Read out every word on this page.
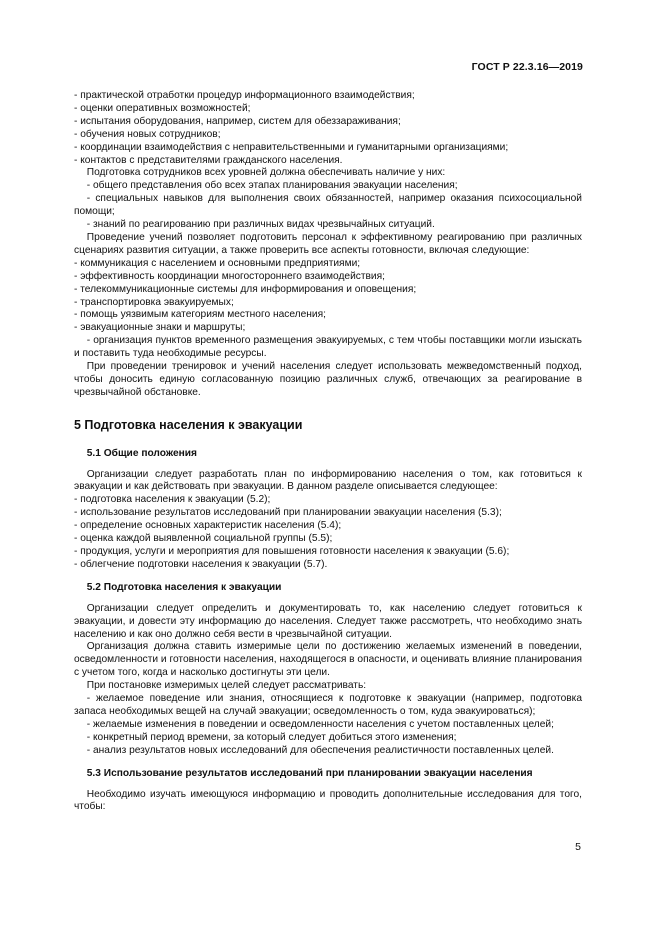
ГОСТ Р 22.3.16—2019

- практической отработки процедур информационного взаимодействия;

- оценки оперативных возможностей;

- испытания оборудования, например, систем для обеззараживания;

- обучения новых сотрудников;

- координации взаимодействия с неправительственными и гуманитарными организациями;

- контактов с представителями гражданского населения.

Подготовка сотрудников всех уровней должна обеспечивать наличие у них:

- общего представления обо всех этапах планирования эвакуации населения;

- специальных навыков для выполнения своих обязанностей, например оказания психосоциальной помощи;

- знаний по реагированию при различных видах чрезвычайных ситуаций.

Проведение учений позволяет подготовить персонал к эффективному реагированию при различных сценариях развития ситуации, а также проверить все аспекты готовности, включая следующие:

- коммуникация с населением и основными предприятиями;

- эффективность координации многостороннего взаимодействия;

- телекоммуникационные системы для информирования и оповещения;

- транспортировка эвакуируемых;

- помощь уязвимым категориям местного населения;

- эвакуационные знаки и маршруты;

- организация пунктов временного размещения эвакуируемых, с тем чтобы поставщики могли изыскать и поставить туда необходимые ресурсы.

При проведении тренировок и учений населения следует использовать межведомственный подход, чтобы доносить единую согласованную позицию различных служб, отвечающих за реагирование в чрезвычайной обстановке.

5 Подготовка населения к эвакуации

5.1 Общие положения

Организации следует разработать план по информированию населения о том, как готовиться к эвакуации и как действовать при эвакуации. В данном разделе описывается следующее:

- подготовка населения к эвакуации (5.2);

- использование результатов исследований при планировании эвакуации населения (5.3);

- определение основных характеристик населения (5.4);

- оценка каждой выявленной социальной группы (5.5);

- продукция, услуги и мероприятия для повышения готовности населения к эвакуации (5.6);

- облегчение подготовки населения к эвакуации (5.7).

5.2 Подготовка населения к эвакуации

Организации следует определить и документировать то, как населению следует готовиться к эвакуации, и довести эту информацию до населения. Следует также рассмотреть, что необходимо знать населению и как оно должно себя вести в чрезвычайной ситуации.

Организация должна ставить измеримые цели по достижению желаемых изменений в поведении, осведомленности и готовности населения, находящегося в опасности, и оценивать влияние планирования с учетом того, когда и насколько достигнуты эти цели.

При постановке измеримых целей следует рассматривать:

- желаемое поведение или знания, относящиеся к подготовке к эвакуации (например, подготовка запаса необходимых вещей на случай эвакуации; осведомленность о том, куда эвакуироваться);

- желаемые изменения в поведении и осведомленности населения с учетом поставленных целей;

- конкретный период времени, за который следует добиться этого изменения;

- анализ результатов новых исследований для обеспечения реалистичности поставленных целей.

5.3 Использование результатов исследований при планировании эвакуации населения

Необходимо изучать имеющуюся информацию и проводить дополнительные исследования для того, чтобы:

5
